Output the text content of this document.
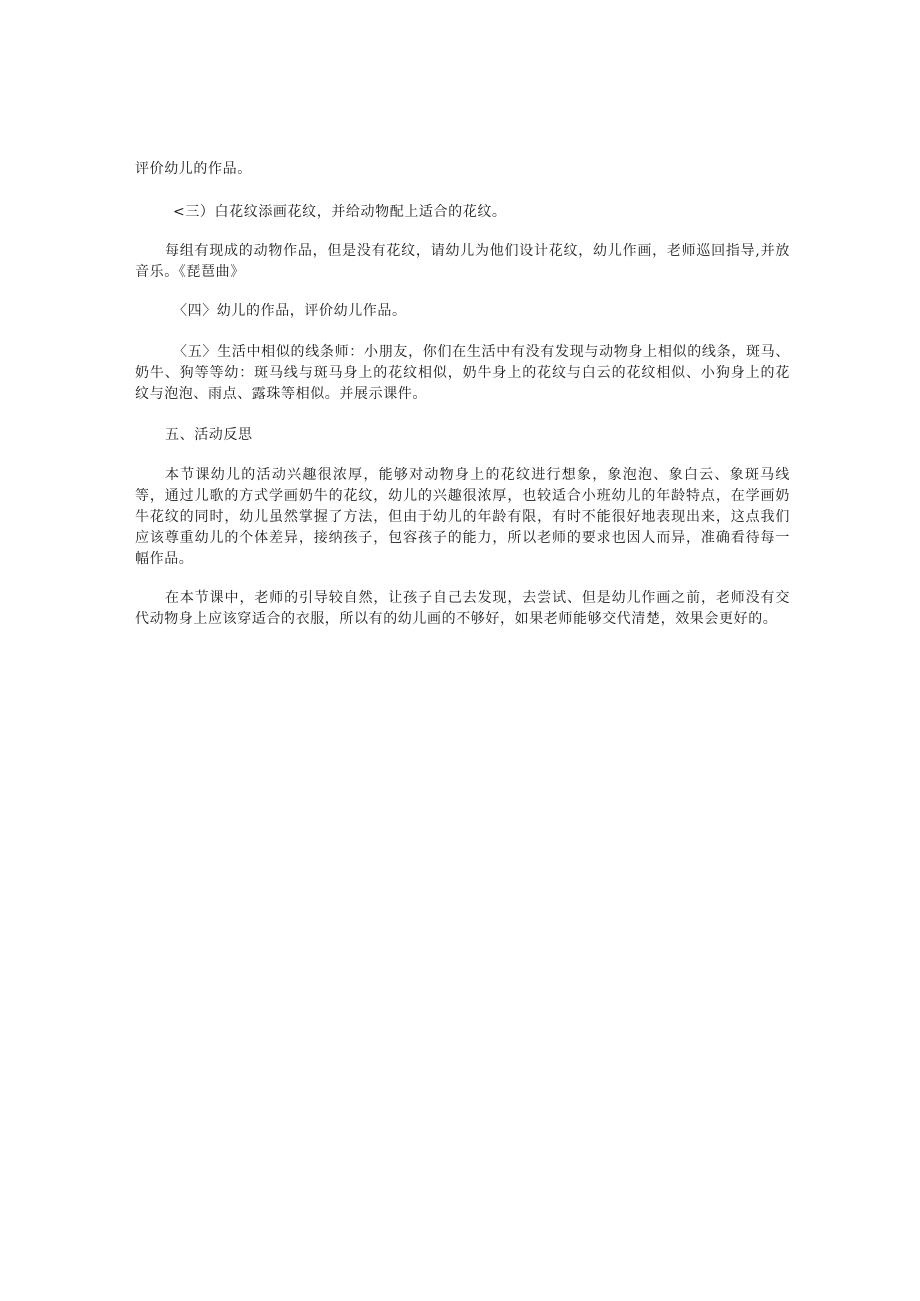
评价幼儿的作品。

<三）白花纹添画花纹，并给动物配上适合的花纹。

每组有现成的动物作品，但是没有花纹，请幼儿为他们设计花纹，幼儿作画，老师巡回指导,并放音乐。《琵琶曲》

〈四〉幼儿的作品，评价幼儿作品。

〈五〉生活中相似的线条师：小朋友，你们在生活中有没有发现与动物身上相似的线条，斑马、奶牛、狗等等幼：斑马线与斑马身上的花纹相似，奶牛身上的花纹与白云的花纹相似、小狗身上的花纹与泡泡、雨点、露珠等相似。并展示课件。

五、活动反思

本节课幼儿的活动兴趣很浓厚，能够对动物身上的花纹进行想象，象泡泡、象白云、象斑马线等，通过儿歌的方式学画奶牛的花纹，幼儿的兴趣很浓厚，也较适合小班幼儿的年龄特点，在学画奶牛花纹的同时，幼儿虽然掌握了方法，但由于幼儿的年龄有限，有时不能很好地表现出来，这点我们应该尊重幼儿的个体差异，接纳孩子，包容孩子的能力，所以老师的要求也因人而异，准确看待每一幅作品。

在本节课中，老师的引导较自然，让孩子自己去发现，去尝试、但是幼儿作画之前，老师没有交代动物身上应该穿适合的衣服，所以有的幼儿画的不够好，如果老师能够交代清楚，效果会更好的。
